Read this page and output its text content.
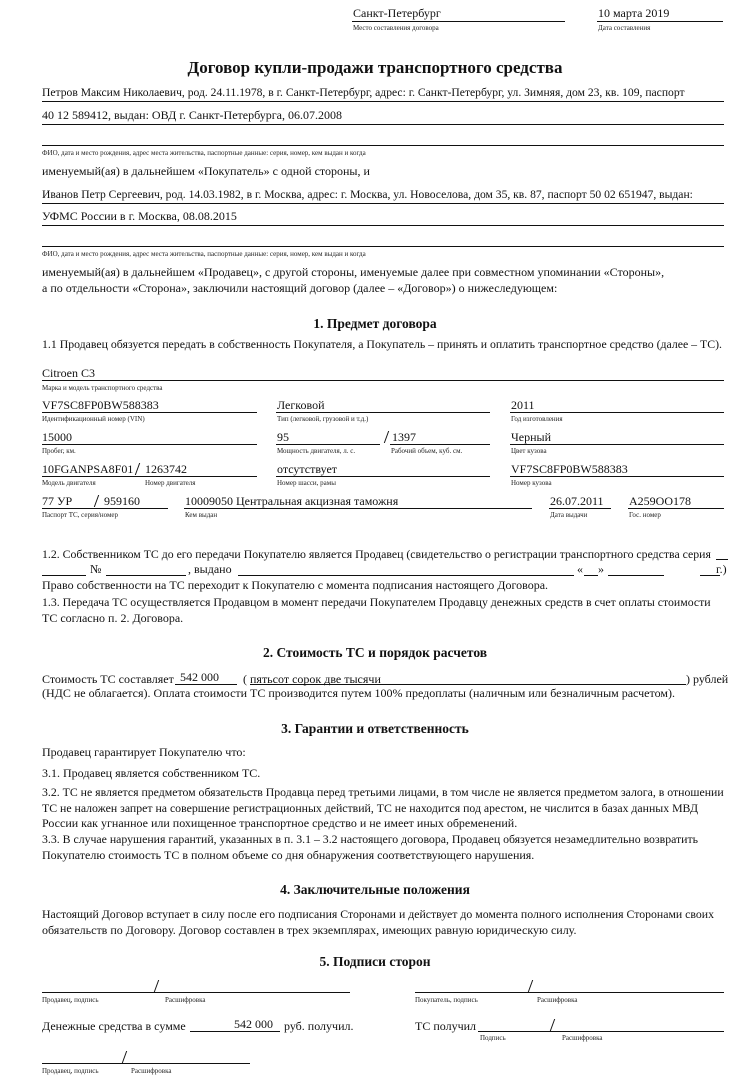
Санкт-Петербург
Место составления договора
10 марта 2019
Дата составления
Договор купли-продажи транспортного средства
Петров Максим Николаевич, род. 24.11.1978, в г. Санкт-Петербург, адрес: г. Санкт-Петербург, ул. Зимняя, дом 23, кв. 109, паспорт
40 12 589412, выдан: ОВД г. Санкт-Петербурга, 06.07.2008
ФИО, дата и место рождения, адрес места жительства, паспортные данные: серия, номер, кем выдан и когда
именуемый(ая) в дальнейшем «Покупатель» с одной стороны, и
Иванов Петр Сергеевич, род. 14.03.1982, в г. Москва, адрес: г. Москва, ул. Новоселова, дом 35, кв. 87, паспорт 50 02 651947, выдан:
УФМС России в г. Москва, 08.08.2015
ФИО, дата и место рождения, адрес места жительства, паспортные данные: серия, номер, кем выдан и когда
именуемый(ая) в дальнейшем «Продавец», с другой стороны, именуемые далее при совместном упоминании «Стороны»,
а по отдельности «Сторона», заключили настоящий договор (далее – «Договор») о нижеследующем:
1. Предмет договора
1.1 Продавец обязуется передать в собственность Покупателя, а Покупатель – принять и оплатить транспортное средство (далее – ТС).
Citroen C3
Марка и модель транспортного средства
VF7SC8FP0BW588383
Идентификационный номер (VIN)
Легковой
Тип (легковой, грузовой и т.д.)
2011
Год изготовления
15000
Пробег, км.
95	1397
Мощность двигателя, л. с.	Рабочий объем, куб. см.
Черный
Цвет кузова
10FGANPSA8F01 1263742
Модель двигателя	Номер двигателя
отсутствует
Номер шасси, рамы
VF7SC8FP0BW588383
Номер кузова
77 УР	959160
Паспорт ТС, серия/номер
10009050 Центральная акцизная таможня
Кем выдан
26.07.2011
Дата выдачи
А259ОО178
Гос. номер
1.2. Собственником ТС до его передачи Покупателю является Продавец (свидетельство о регистрации транспортного средства серия
№	, выдано	« »	г.)
Право собственности на ТС переходит к Покупателю с момента подписания настоящего Договора.
1.3. Передача ТС осуществляется Продавцом в момент передачи Покупателем Продавцу денежных средств в счет оплаты стоимости
ТС согласно п. 2. Договора.
2. Стоимость ТС и порядок расчетов
Стоимость ТС составляет 542 000 ( пятьсот сорок две тысячи	) рублей
(НДС не облагается). Оплата стоимости ТС производится путем 100% предоплаты (наличным или безналичным расчетом).
3. Гарантии и ответственность
Продавец гарантирует Покупателю что:
3.1. Продавец является собственником ТС.
3.2. ТС не является предметом обязательств Продавца перед третьими лицами, в том числе не является предметом залога, в отношении
ТС не наложен запрет на совершение регистрационных действий, ТС не находится под арестом, не числится в базах данных МВД
России как угнанное или похищенное транспортное средство и не имеет иных обременений.
3.3. В случае нарушения гарантий, указанных в п. 3.1 – 3.2 настоящего договора, Продавец обязуется незамедлительно возвратить
Покупателю стоимость ТС в полном объеме со дня обнаружения соответствующего нарушения.
4. Заключительные положения
Настоящий Договор вступает в силу после его подписания Сторонами и действует до момента полного исполнения Сторонами своих
обязательств по Договору. Договор составлен в трех экземплярах, имеющих равную юридическую силу.
5. Подписи сторон
Продавец, подпись	Расшифровка	Покупатель, подпись	Расшифровка
Денежные средства в сумме	542 000 руб. получил.	ТС получил
Подпись	Расшифровка
Продавец, подпись	Расшифровка
